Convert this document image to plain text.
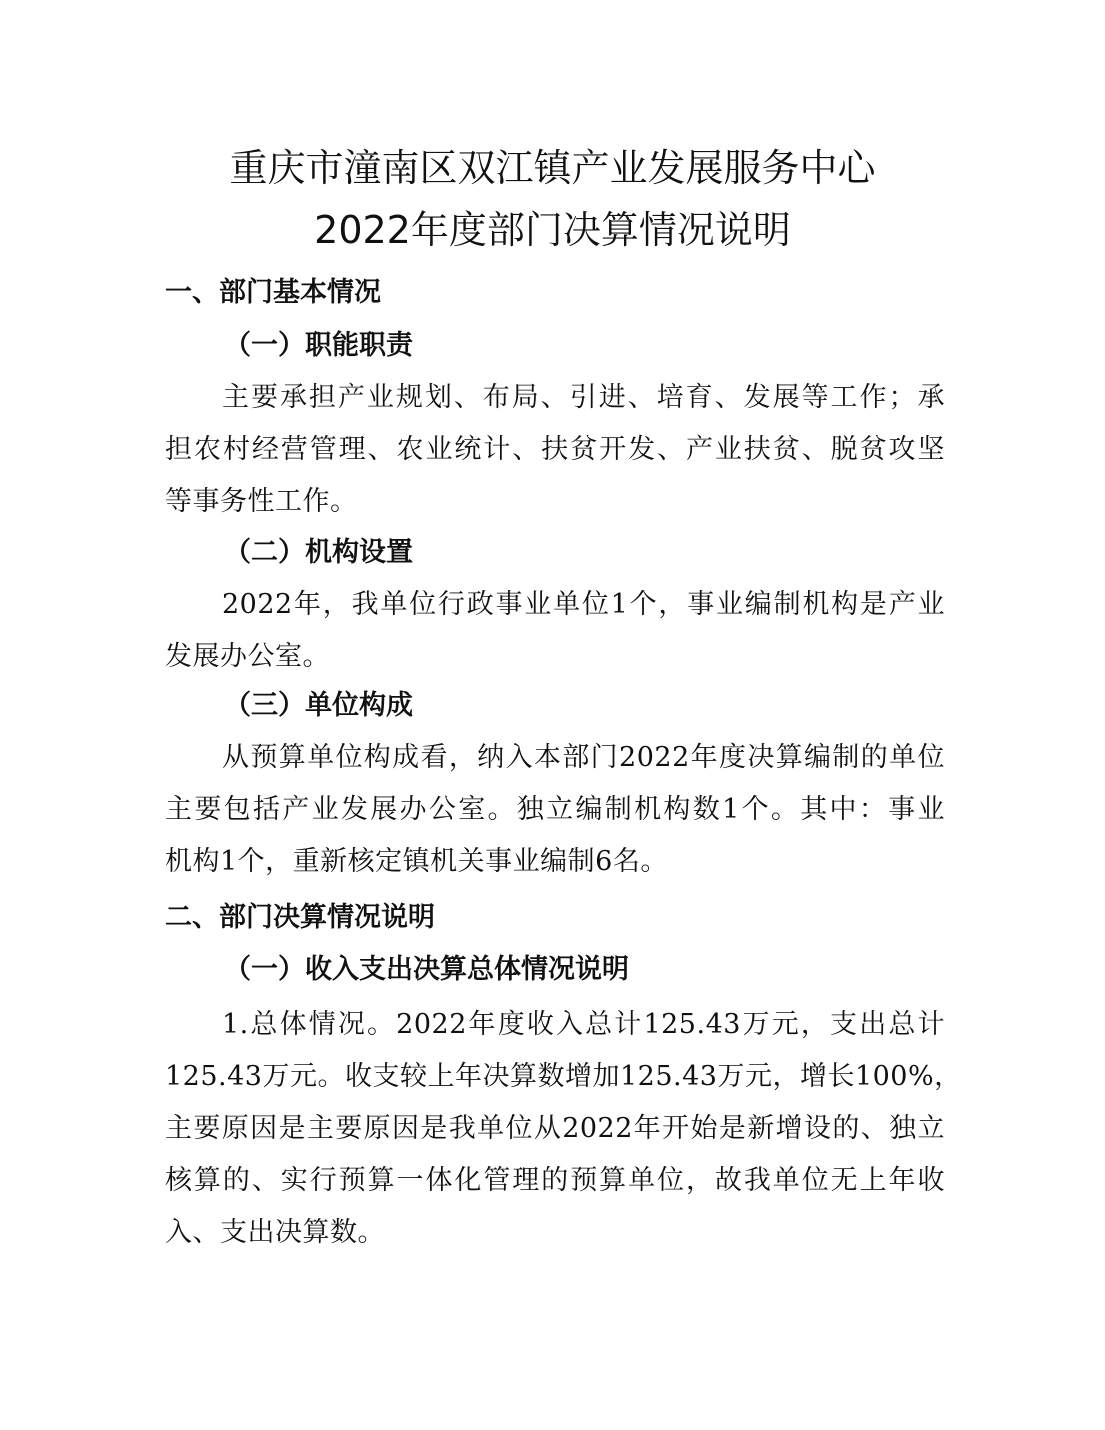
重庆市潼南区双江镇产业发展服务中心
2022年度部门决算情况说明
一、部门基本情况
（一）职能职责
主要承担产业规划、布局、引进、培育、发展等工作；承
担农村经营管理、农业统计、扶贫开发、产业扶贫、脱贫攻坚
等事务性工作。
（二）机构设置
2022年，我单位行政事业单位1个，事业编制机构是产业
发展办公室。
（三）单位构成
从预算单位构成看，纳入本部门2022年度决算编制的单位
主要包括产业发展办公室。独立编制机构数1个。其中：事业
机构1个，重新核定镇机关事业编制6名。
二、部门决算情况说明
（一）收入支出决算总体情况说明
1.总体情况。2022年度收入总计125.43万元，支出总计
125.43万元。收支较上年决算数增加125.43万元，增长100%，
主要原因是主要原因是我单位从2022年开始是新增设的、独立
核算的、实行预算一体化管理的预算单位，故我单位无上年收
入、支出决算数。
